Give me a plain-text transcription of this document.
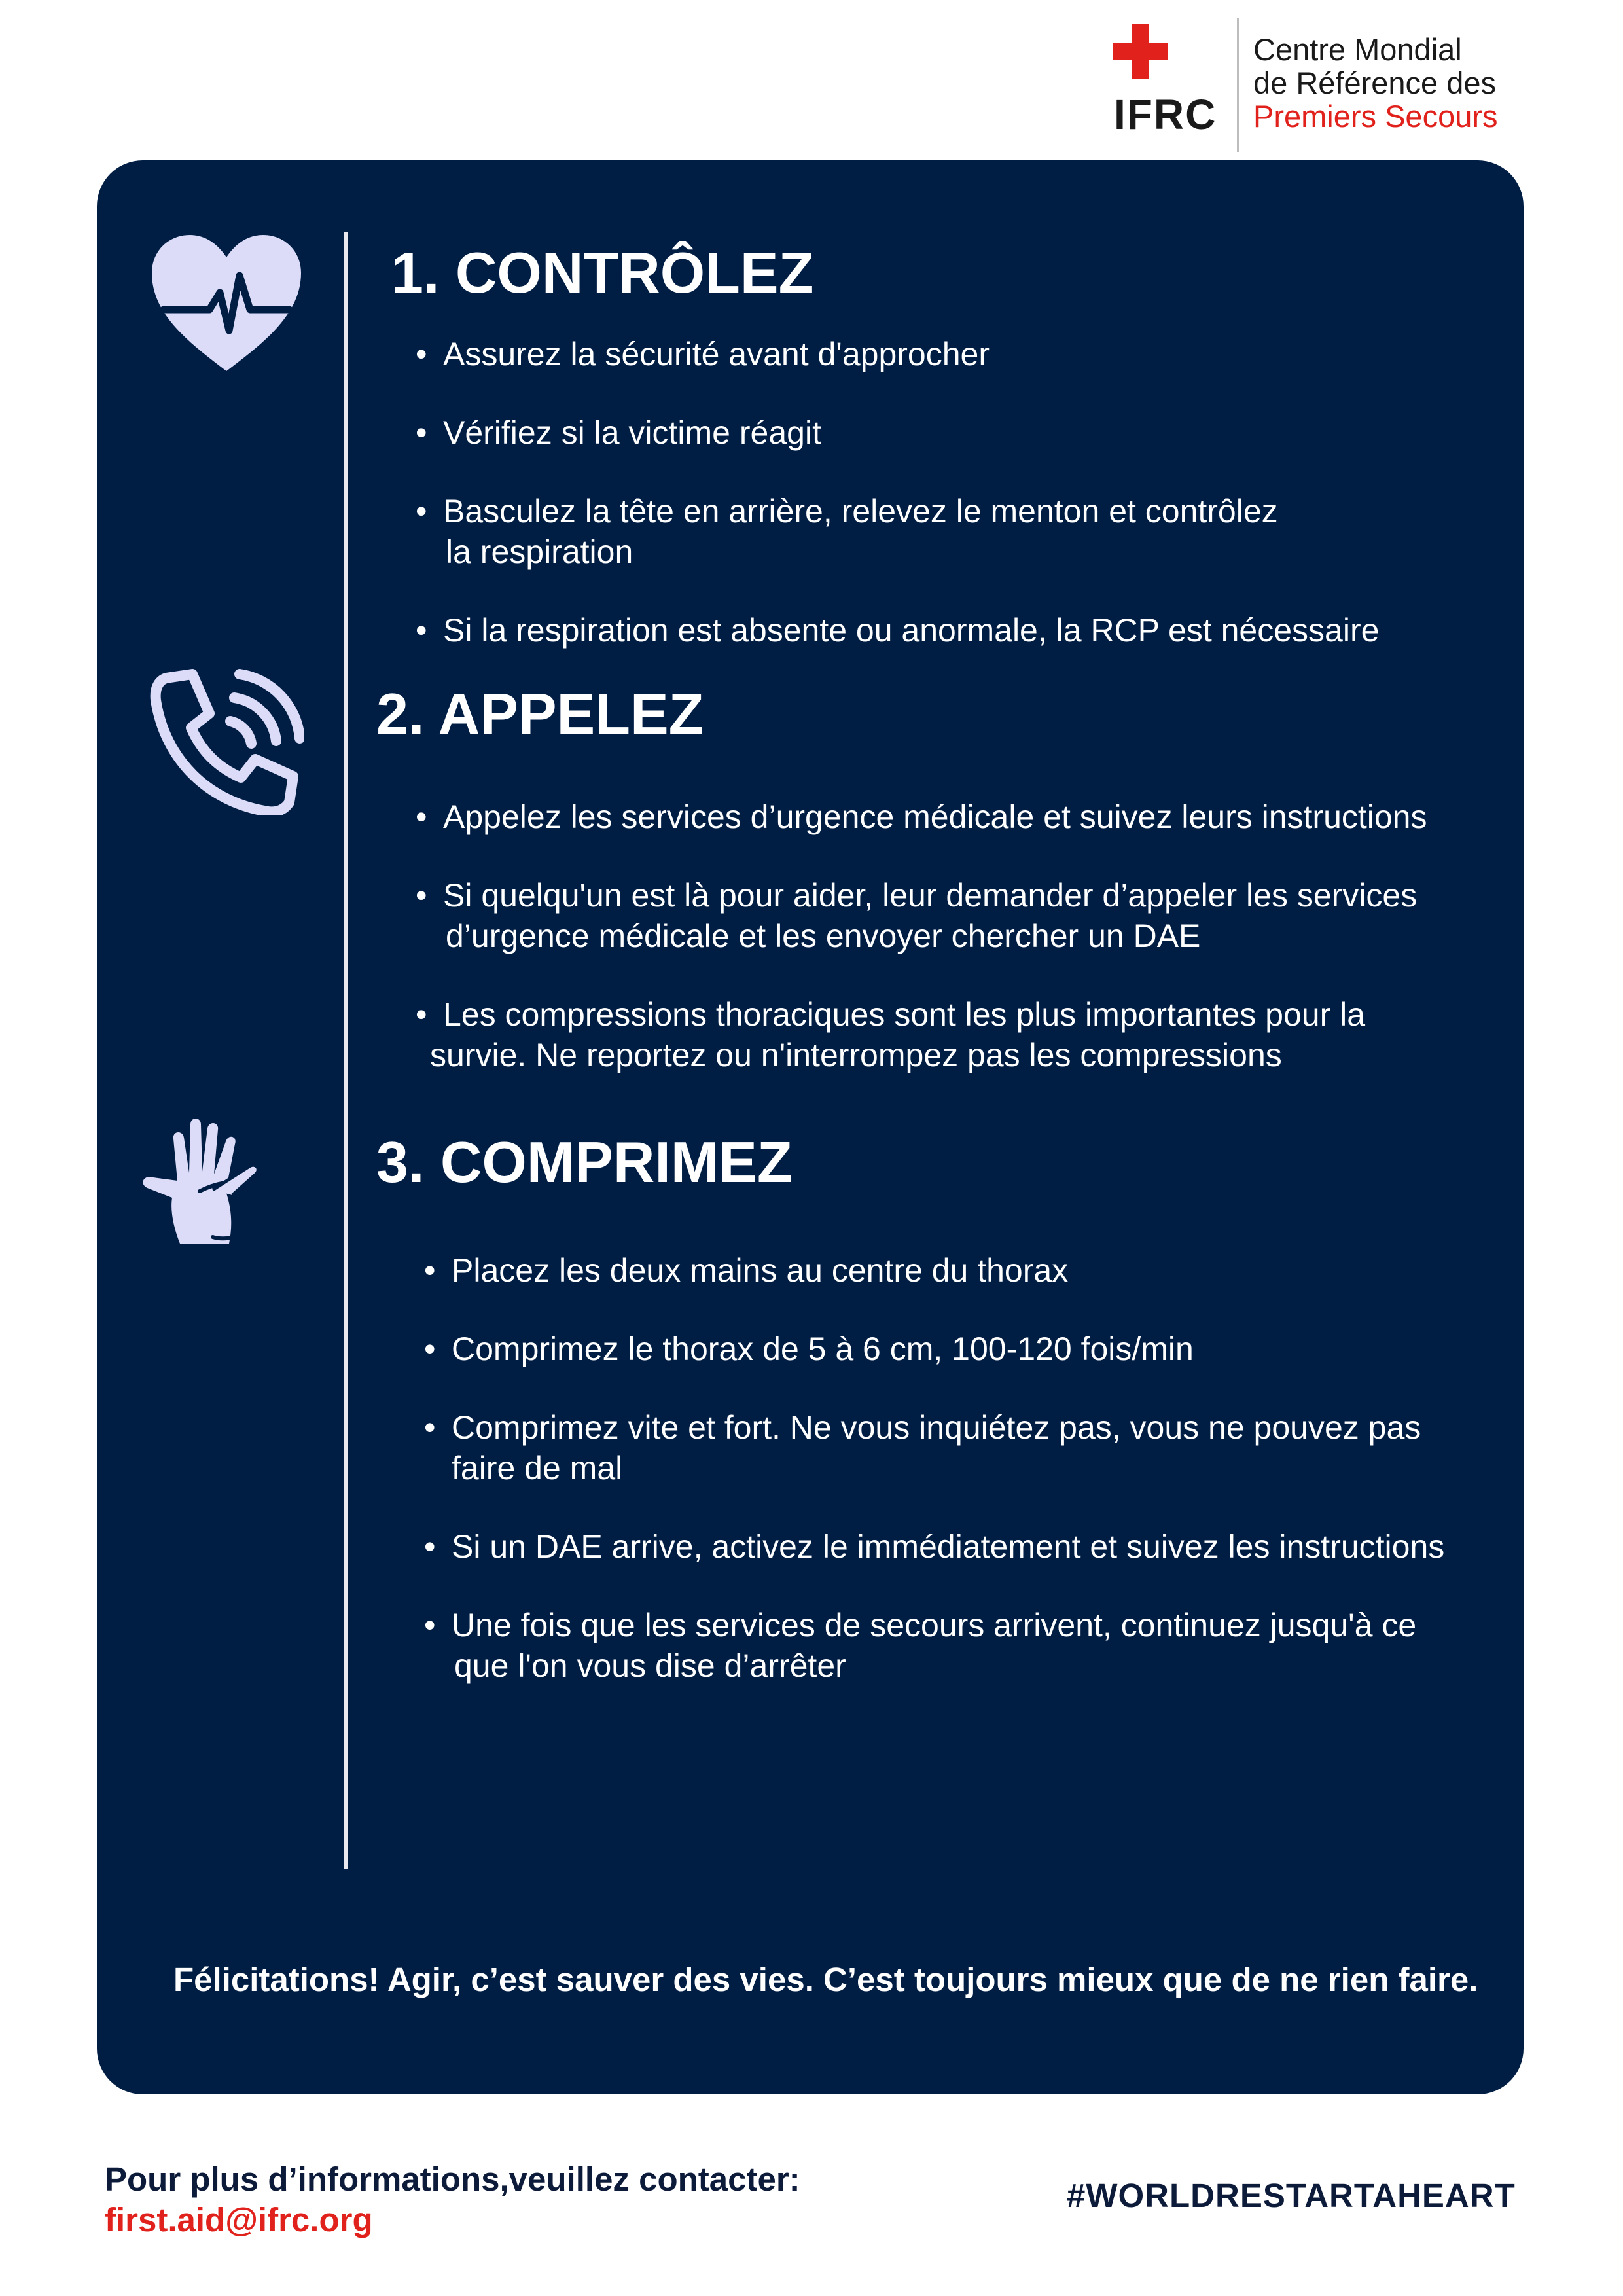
IFRC
Centre Mondial
de Référence des
Premiers Secours
1. CONTRÔLEZ
• Assurez la sécurité avant d'approcher
• Vérifiez si la victime réagit
• Basculez la tête en arrière, relevez le menton et contrôlez
la respiration
• Si la respiration est absente ou anormale, la RCP est nécessaire
2. APPELEZ
• Appelez les services d’urgence médicale et suivez leurs instructions
• Si quelqu'un est là pour aider, leur demander d’appeler les services
d’urgence médicale et les envoyer chercher un DAE
• Les compressions thoraciques sont les plus importantes pour la
survie. Ne reportez ou n'interrompez pas les compressions
3. COMPRIMEZ
• Placez les deux mains au centre du thorax
• Comprimez le thorax de 5 à 6 cm, 100-120 fois/min
• Comprimez vite et fort. Ne vous inquiétez pas, vous ne pouvez pas
faire de mal
• Si un DAE arrive, activez le immédiatement et suivez les instructions
• Une fois que les services de secours arrivent, continuez jusqu'à ce
que l'on vous dise d’arrêter
Félicitations! Agir, c’est sauver des vies. C’est toujours mieux que de ne rien faire.
Pour plus d’informations,veuillez contacter:
first.aid@ifrc.org
#WORLDRESTARTAHEART
